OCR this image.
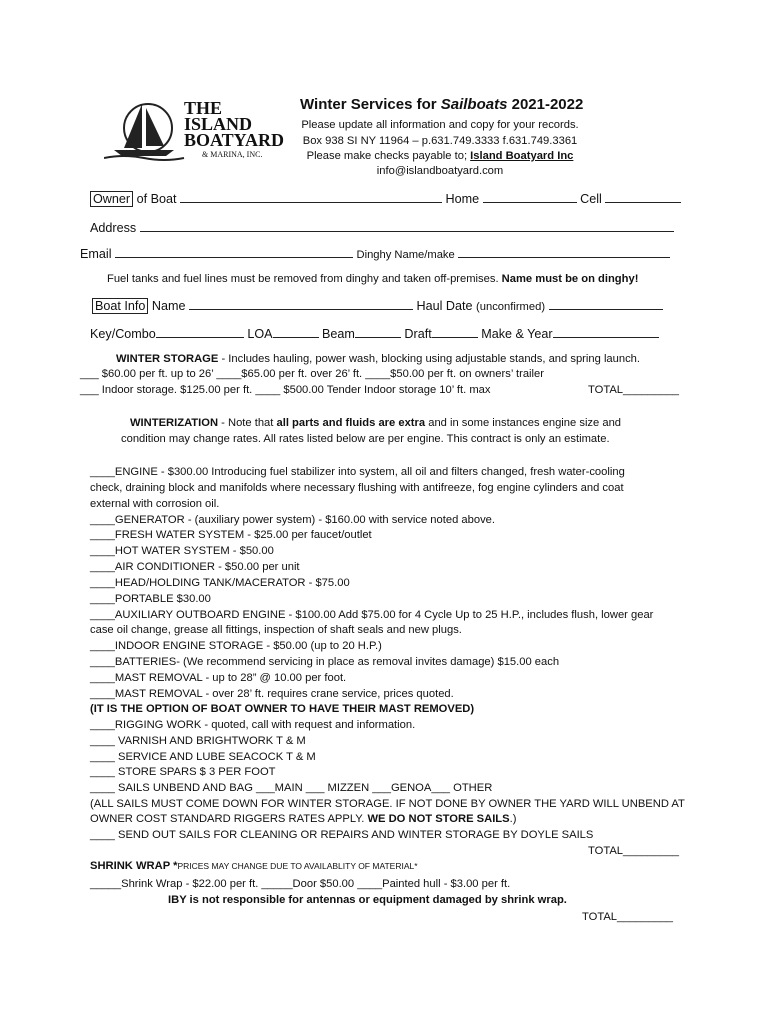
THE
ISLAND
BOATYARD
& MARINA, INC.
Winter Services for Sailboats 2021-2022
Please update all information and copy for your records.
Box 938 SI NY 11964 – p.631.749.3333 f.631.749.3361
Please make checks payable to; Island Boatyard Inc
info@islandboatyard.com
Owner of Boat	Home	Cell
Address
Email	Dinghy Name/make
Fuel tanks and fuel lines must be removed from dinghy and taken off-premises. Name must be on dinghy!
Boat Info Name	Haul Date (unconfirmed)
Key/Combo	LOA	Beam	Draft	Make & Year
WINTER STORAGE - Includes hauling, power wash, blocking using adjustable stands, and spring launch.
___ $60.00 per ft. up to 26’ ____$65.00 per ft. over 26’ ft. ____$50.00 per ft. on owners’ trailer
___ Indoor storage. $125.00 per ft. ____ $500.00 Tender Indoor storage 10’ ft. max	TOTAL_________
WINTERIZATION - Note that all parts and fluids are extra and in some instances engine size and
condition may change rates. All rates listed below are per engine. This contract is only an estimate.
____ENGINE - $300.00 Introducing fuel stabilizer into system, all oil and filters changed, fresh water-cooling
check, draining block and manifolds where necessary flushing with antifreeze, fog engine cylinders and coat
external with corrosion oil.
____GENERATOR - (auxiliary power system) - $160.00 with service noted above.
____FRESH WATER SYSTEM - $25.00 per faucet/outlet
____HOT WATER SYSTEM - $50.00
____AIR CONDITIONER - $50.00 per unit
____HEAD/HOLDING TANK/MACERATOR - $75.00
____PORTABLE $30.00
____AUXILIARY OUTBOARD ENGINE - $100.00 Add $75.00 for 4 Cycle Up to 25 H.P., includes flush, lower gear
case oil change, grease all fittings, inspection of shaft seals and new plugs.
____INDOOR ENGINE STORAGE - $50.00 (up to 20 H.P.)
____BATTERIES- (We recommend servicing in place as removal invites damage) $15.00 each
____MAST REMOVAL - up to 28” @ 10.00 per foot.
____MAST REMOVAL - over 28’ ft. requires crane service, prices quoted.
(IT IS THE OPTION OF BOAT OWNER TO HAVE THEIR MAST REMOVED)
____RIGGING WORK - quoted, call with request and information.
____ VARNISH AND BRIGHTWORK T & M
____ SERVICE AND LUBE SEACOCK T & M
____ STORE SPARS $ 3 PER FOOT
____ SAILS UNBEND AND BAG ___MAIN ___ MIZZEN ___GENOA___ OTHER
(ALL SAILS MUST COME DOWN FOR WINTER STORAGE. IF NOT DONE BY OWNER THE YARD WILL UNBEND AT
OWNER COST STANDARD RIGGERS RATES APPLY. WE DO NOT STORE SAILS.)
____ SEND OUT SAILS FOR CLEANING OR REPAIRS AND WINTER STORAGE BY DOYLE SAILS
TOTAL_________
SHRINK WRAP *PRICES MAY CHANGE DUE TO AVAILABLITY OF MATERIAL*
_____Shrink Wrap - $22.00 per ft. _____Door $50.00 ____Painted hull - $3.00 per ft.
IBY is not responsible for antennas or equipment damaged by shrink wrap.
TOTAL_________
